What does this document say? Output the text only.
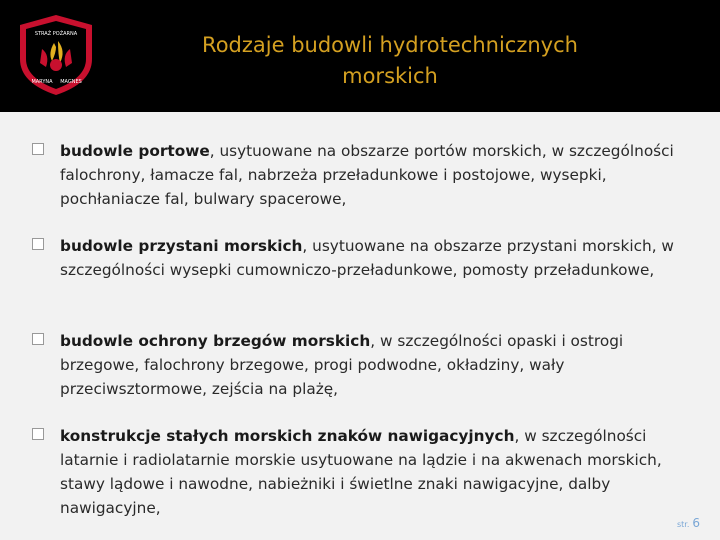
STRAŻ POŻARNA
MARYNA MAGNES
Rodzaje budowli hydrotechnicznych
morskich
budowle portowe, usytuowane na obszarze portów morskich, w szczególności falochrony, łamacze fal, nabrzeża przeładunkowe i postojowe, wysepki, pochłaniacze fal, bulwary spacerowe,
budowle przystani morskich, usytuowane na obszarze przystani morskich, w szczególności wysepki cumowniczo-przeładunkowe, pomosty przeładunkowe,
budowle ochrony brzegów morskich, w szczególności opaski i ostrogi brzegowe, falochrony brzegowe, progi podwodne, okładziny, wały przeciwsztormowe, zejścia na plażę,
konstrukcje stałych morskich znaków nawigacyjnych, w szczególności latarnie i radiolatarnie morskie usytuowane na lądzie i na akwenach morskich, stawy lądowe i nawodne, nabieżniki i świetlne znaki nawigacyjne, dalby nawigacyjne,
str. 6
